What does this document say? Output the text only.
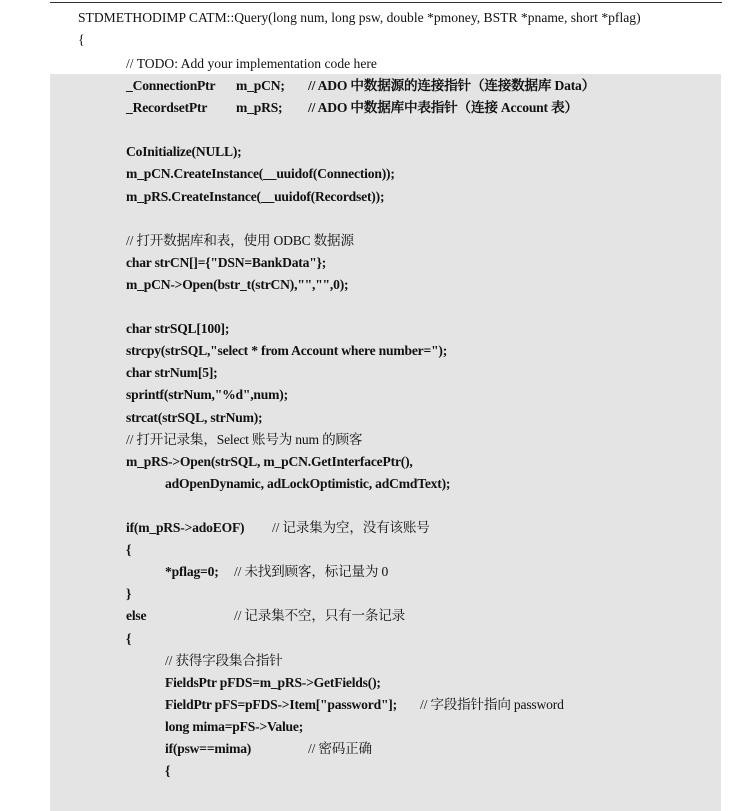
STDMETHODIMP CATM::Query(long num, long psw, double *pmoney, BSTR *pname, short *pflag)
{
// TODO: Add your implementation code here
_ConnectionPtr m_pCN; // ADO 中数据源的连接指针（连接数据库 Data）
_RecordsetPtr m_pRS; // ADO 中数据库中表指针（连接 Account 表）
CoInitialize(NULL);
m_pCN.CreateInstance(__uuidof(Connection));
m_pRS.CreateInstance(__uuidof(Recordset));
// 打开数据库和表，使用 ODBC 数据源
char strCN[]={"DSN=BankData"};
m_pCN->Open(bstr_t(strCN),"","",0);
char strSQL[100];
strcpy(strSQL,"select * from Account where number=");
char strNum[5];
sprintf(strNum,"%d",num);
strcat(strSQL, strNum);
// 打开记录集，Select 账号为 num 的顾客
m_pRS->Open(strSQL, m_pCN.GetInterfacePtr(),
adOpenDynamic, adLockOptimistic, adCmdText);
if(m_pRS->adoEOF) // 记录集为空，没有该账号
{
*pflag=0; // 未找到顾客，标记量为 0
}
else	// 记录集不空，只有一条记录
{
// 获得字段集合指针
FieldsPtr pFDS=m_pRS->GetFields();
FieldPtr pFS=pFDS->Item["password"]; // 字段指针指向 password
long mima=pFS->Value;
if(psw==mima)	// 密码正确
{
